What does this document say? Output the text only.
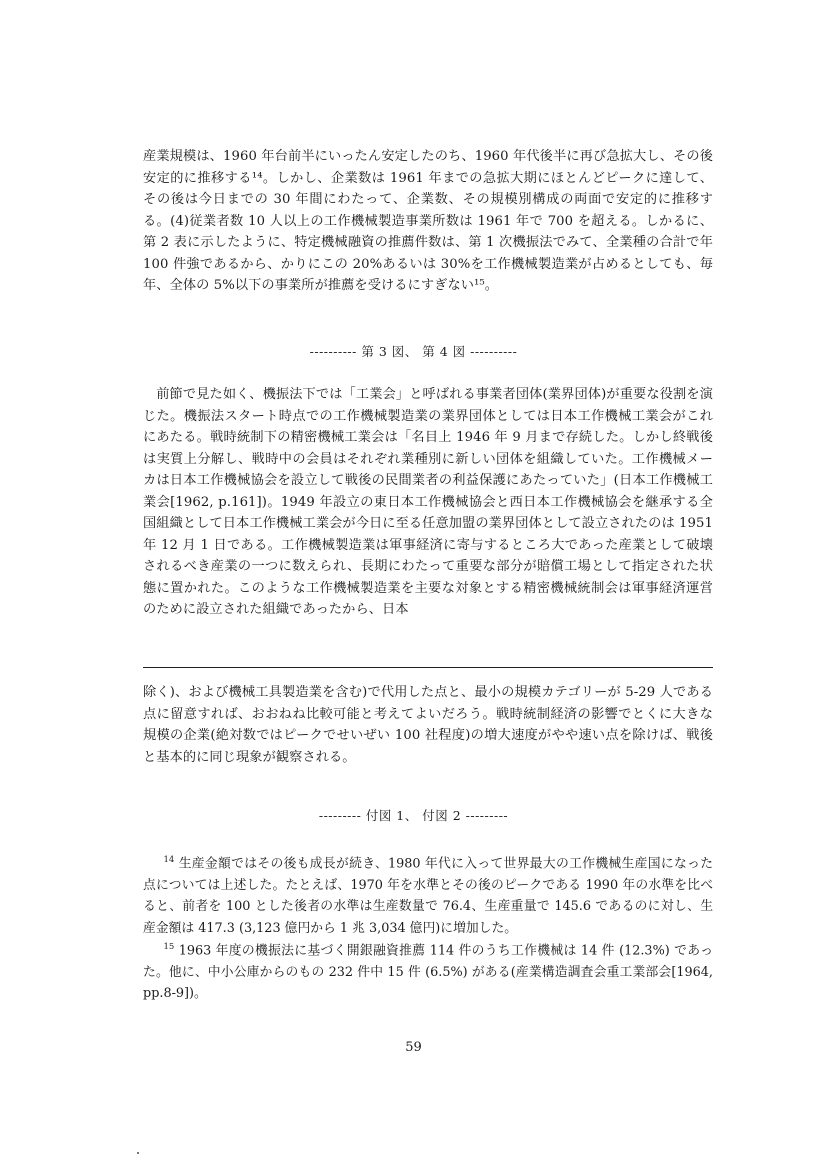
産業規模は、1960 年台前半にいったん安定したのち、1960 年代後半に再び急拡大し、その後安定的に推移する¹⁴。しかし、企業数は 1961 年までの急拡大期にほとんどピークに達して、その後は今日までの 30 年間にわたって、企業数、その規模別構成の両面で安定的に推移する。(4)従業者数 10 人以上の工作機械製造事業所数は 1961 年で 700 を超える。しかるに、第 2 表に示したように、特定機械融資の推薦件数は、第 1 次機振法でみて、全業種の合計で年 100 件強であるから、かりにこの 20%あるいは 30%を工作機械製造業が占めるとしても、毎年、全体の 5%以下の事業所が推薦を受けるにすぎない¹⁵。

---------- 第 3 図、 第 4 図 ----------

前節で見た如く、機振法下では「工業会」と呼ばれる事業者団体(業界団体)が重要な役割を演じた。機振法スタート時点での工作機械製造業の業界団体としては日本工作機械工業会がこれにあたる。戦時統制下の精密機械工業会は「名目上 1946 年 9 月まで存続した。しかし終戦後は実質上分解し、戦時中の会員はそれぞれ業種別に新しい団体を組織していた。工作機械メーカは日本工作機械協会を設立して戦後の民間業者の利益保護にあたっていた」(日本工作機械工業会[1962, p.161])。1949 年設立の東日本工作機械協会と西日本工作機械協会を継承する全国組織として日本工作機械工業会が今日に至る任意加盟の業界団体として設立されたのは 1951 年 12 月 1 日である。工作機械製造業は軍事経済に寄与するところ大であった産業として破壊されるべき産業の一つに数えられ、長期にわたって重要な部分が賠償工場として指定された状態に置かれた。このような工作機械製造業を主要な対象とする精密機械統制会は軍事経済運営のために設立された組織であったから、日本

除く)、および機械工具製造業を含む)で代用した点と、最小の規模カテゴリーが 5-29 人である点に留意すれば、おおねね比較可能と考えてよいだろう。戦時統制経済の影響でとくに大きな規模の企業(絶対数ではピークでせいぜい 100 社程度)の増大速度がやや速い点を除けば、戦後と基本的に同じ現象が観察される。

--------- 付図 1、 付図 2 ---------

$^{14}$ 生産金額ではその後も成長が続き、1980 年代に入って世界最大の工作機械生産国になった点については上述した。たとえば、1970 年を水準とその後のピークである 1990 年の水準を比べると、前者を 100 とした後者の水準は生産数量で 76.4、生産重量で 145.6 であるのに対し、生産金額は 417.3 (3,123 億円から 1 兆 3,034 億円)に増加した。

$^{15}$ 1963 年度の機振法に基づく開銀融資推薦 114 件のうち工作機械は 14 件 (12.3%) であった。他に、中小公庫からのもの 232 件中 15 件 (6.5%) がある(産業構造調査会重工業部会[1964, pp.8-9])。

59
